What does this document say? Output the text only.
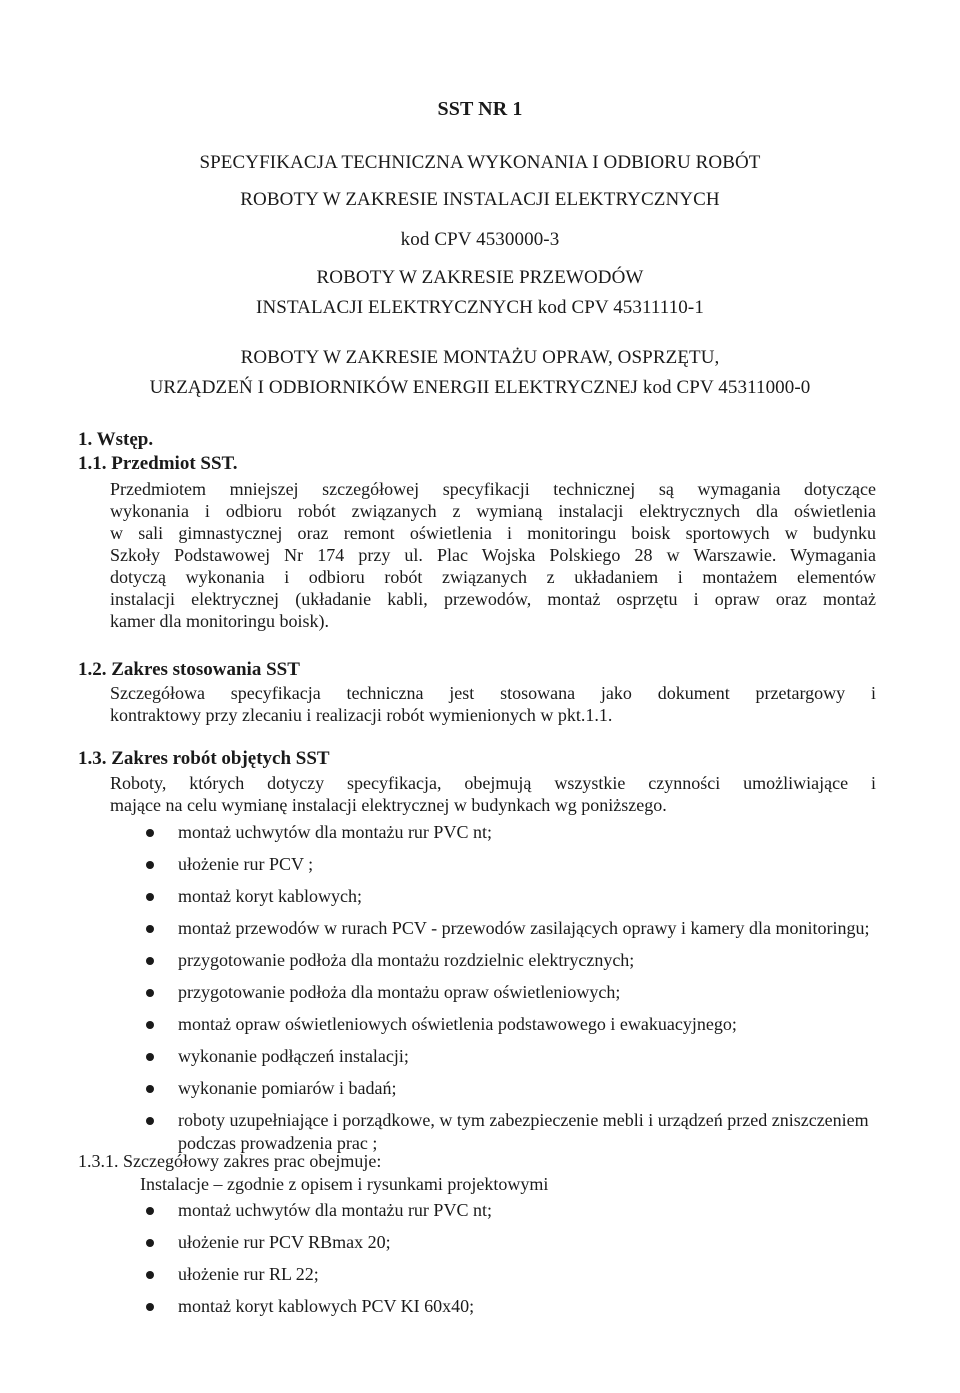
SST NR 1
SPECYFIKACJA TECHNICZNA WYKONANIA I ODBIORU ROBÓT
ROBOTY W ZAKRESIE INSTALACJI ELEKTRYCZNYCH
kod CPV 4530000-3
ROBOTY W ZAKRESIE PRZEWODÓW
INSTALACJI ELEKTRYCZNYCH kod CPV 45311110-1
ROBOTY W ZAKRESIE MONTAŻU OPRAW, OSPRZĘTU,
URZĄDZEŃ I ODBIORNIKÓW ENERGII ELEKTRYCZNEJ kod CPV 45311000-0
1. Wstęp.
1.1. Przedmiot SST.
Przedmiotem mniejszej szczegółowej specyfikacji technicznej są wymagania dotyczące
wykonania i odbioru robót związanych z wymianą instalacji elektrycznych dla oświetlenia
w sali gimnastycznej oraz remont oświetlenia i monitoringu boisk sportowych w budynku
Szkoły Podstawowej Nr 174 przy ul. Plac Wojska Polskiego 28 w Warszawie. Wymagania
dotyczą wykonania i odbioru robót związanych z układaniem i montażem elementów
instalacji elektrycznej (układanie kabli, przewodów, montaż osprzętu i opraw oraz montaż
kamer dla monitoringu boisk).
1.2. Zakres stosowania SST
Szczegółowa specyfikacja techniczna jest stosowana jako dokument przetargowy i
kontraktowy przy zlecaniu i realizacji robót wymienionych w pkt.1.1.
1.3. Zakres robót objętych SST
Roboty, których dotyczy specyfikacja, obejmują wszystkie czynności umożliwiające i
mające na celu wymianę instalacji elektrycznej w budynkach wg poniższego.
montaż uchwytów dla montażu rur PVC nt;
ułożenie rur PCV ;
montaż koryt kablowych;
montaż przewodów w rurach PCV - przewodów zasilających oprawy i kamery dla monitoringu;
przygotowanie podłoża dla montażu rozdzielnic elektrycznych;
przygotowanie podłoża dla montażu opraw oświetleniowych;
montaż opraw oświetleniowych oświetlenia podstawowego i ewakuacyjnego;
wykonanie podłączeń instalacji;
wykonanie pomiarów i badań;
roboty uzupełniające i porządkowe, w tym zabezpieczenie mebli i urządzeń przed zniszczeniem podczas prowadzenia prac ;
1.3.1. Szczegółowy zakres prac obejmuje:
Instalacje – zgodnie z opisem i rysunkami projektowymi
montaż uchwytów dla montażu rur PVC nt;
ułożenie rur PCV RBmax 20;
ułożenie rur RL 22;
montaż koryt kablowych PCV KI 60x40;
